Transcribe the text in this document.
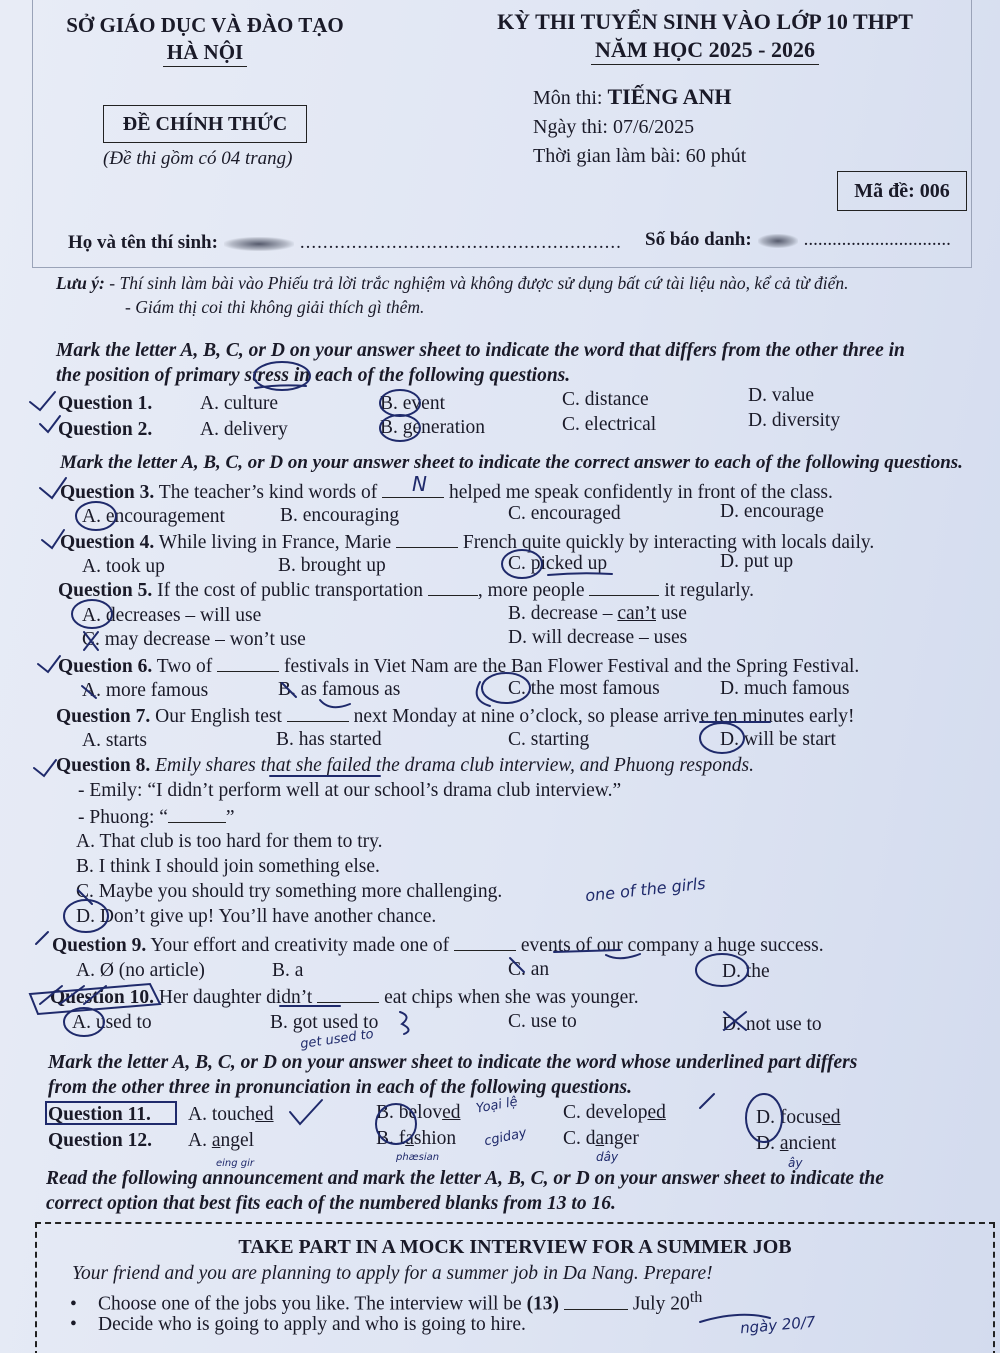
SỞ GIÁO DỤC VÀ ĐÀO TẠO
HÀ NỘI
KỲ THI TUYỂN SINH VÀO LỚP 10 THPT
NĂM HỌC 2025 - 2026
ĐỀ CHÍNH THỨC
(Đề thi gồm có 04 trang)
Môn thi: TIẾNG ANH
Ngày thi: 07/6/2025
Thời gian làm bài: 60 phút
Mã đề: 006
Họ và tên thí sinh:	........................................................ Số báo danh:	...............................
Lưu ý: - Thí sinh làm bài vào Phiếu trả lời trắc nghiệm và không được sử dụng bất cứ tài liệu nào, kể cả từ điển.
- Giám thị coi thi không giải thích gì thêm.
Mark the letter A, B, C, or D on your answer sheet to indicate the word that differs from the other three in
the position of primary stress in each of the following questions.
Question 1. A. culture	B. event	C. distance	D. value
Question 2. A. delivery	B. generation	C. electrical	D. diversity
Mark the letter A, B, C, or D on your answer sheet to indicate the correct answer to each of the following questions.
Question 3. The teacher’s kind words of	helped me speak confidently in front of the class.
A. encouragement	B. encouraging	C. encouraged	D. encourage
Question 4. While living in France, Marie	French quite quickly by interacting with locals daily.
A. took up	B. brought up	C. picked up	D. put up
Question 5. If the cost of public transportation	, more people	it regularly.
A. decreases – will use	B. decrease – can’t use
C. may decrease – won’t use	D. will decrease – uses
Question 6. Two of	festivals in Viet Nam are the Ban Flower Festival and the Spring Festival.
A. more famous	B. as famous as	C. the most famous	D. much famous
Question 7. Our English test	next Monday at nine o’clock, so please arrive ten minutes early!
A. starts	B. has started	C. starting	D. will be start
Question 8. Emily shares that she failed the drama club interview, and Phuong responds.
- Emily: “I didn’t perform well at our school’s drama club interview.”
- Phuong: “	”
A. That club is too hard for them to try.
B. I think I should join something else.
C. Maybe you should try something more challenging.
D. Don’t give up! You’ll have another chance.
Question 9. Your effort and creativity made one of	events of our company a huge success.
A. Ø (no article)	B. a	C. an	D. the
Question 10. Her daughter didn’t	eat chips when she was younger.
A. used to	B. got used to	C. use to	D. not use to
Mark the letter A, B, C, or D on your answer sheet to indicate the word whose underlined part differs
from the other three in pronunciation in each of the following questions.
Question 11. A. touched	B. beloved	C. developed	D. focused
Question 12. A. angel	B. fashion	C. danger	D. ancient
Read the following announcement and mark the letter A, B, C, or D on your answer sheet to indicate the
correct option that best fits each of the numbered blanks from 13 to 16.
TAKE PART IN A MOCK INTERVIEW FOR A SUMMER JOB
Your friend and you are planning to apply for a summer job in Da Nang. Prepare!
• Choose one of the jobs you like. The interview will be (13)	July 20th
• Decide who is going to apply and who is going to hire.
N
one of the girls
get used to
Yoại lệ
cgiday
dây	ây
phæsian
eing gir
ngày 20/7
